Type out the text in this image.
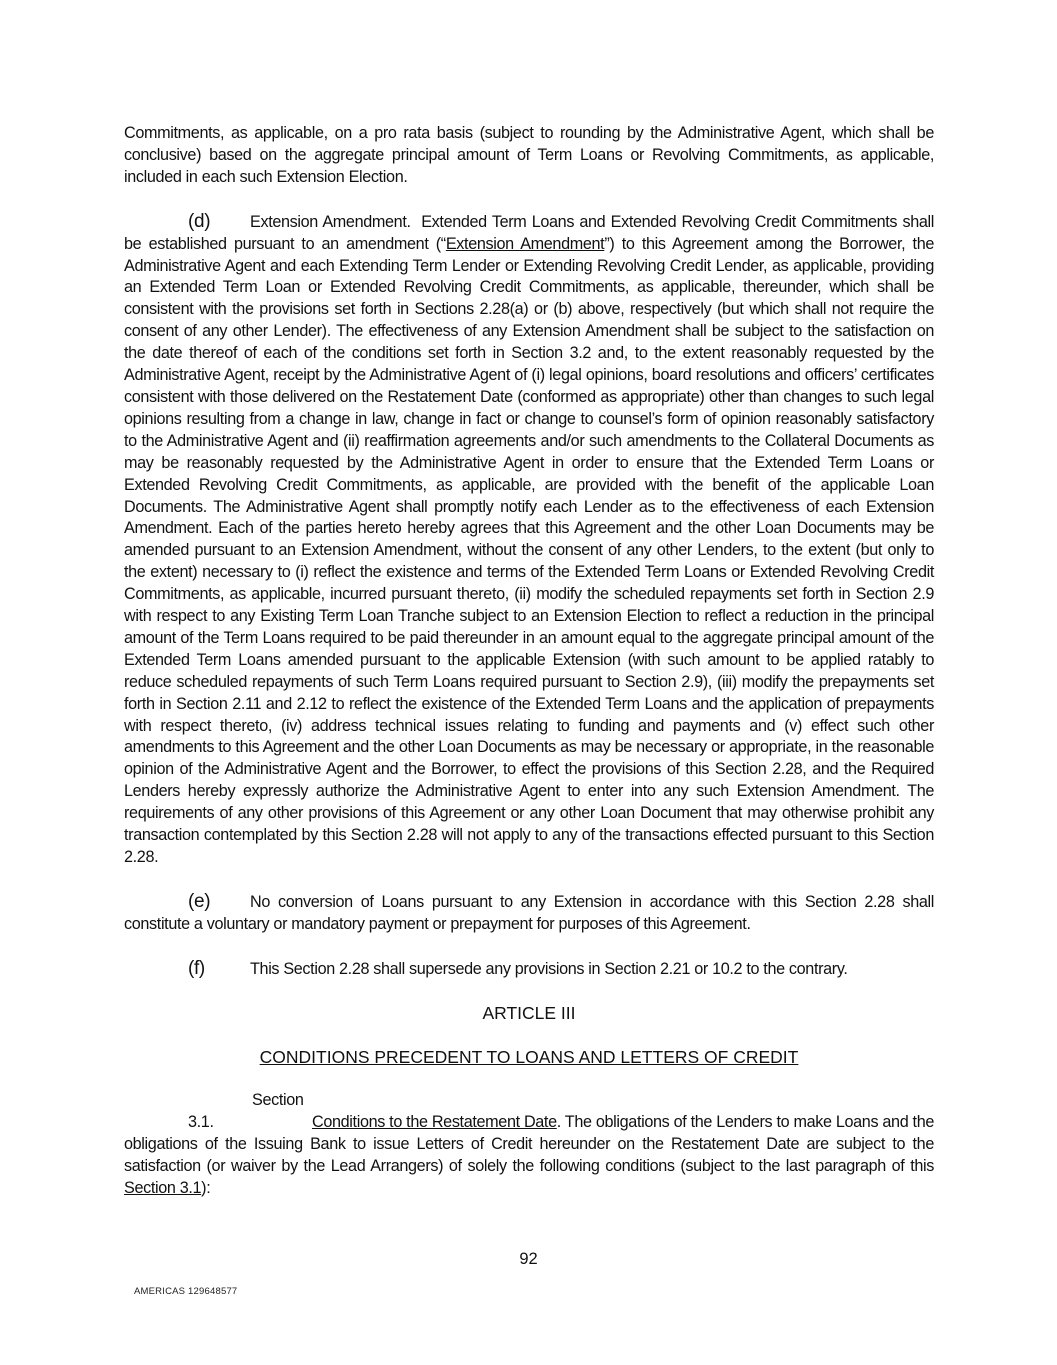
Commitments, as applicable, on a pro rata basis (subject to rounding by the Administrative Agent, which shall be conclusive) based on the aggregate principal amount of Term Loans or Revolving Commitments, as applicable, included in each such Extension Election.

(d) Extension Amendment. Extended Term Loans and Extended Revolving Credit Commitments shall be established pursuant to an amendment (“Extension Amendment”) to this Agreement among the Borrower, the Administrative Agent and each Extending Term Lender or Extending Revolving Credit Lender, as applicable, providing an Extended Term Loan or Extended Revolving Credit Commitments, as applicable, thereunder, which shall be consistent with the provisions set forth in Sections 2.28(a) or (b) above, respectively (but which shall not require the consent of any other Lender). The effectiveness of any Extension Amendment shall be subject to the satisfaction on the date thereof of each of the conditions set forth in Section 3.2 and, to the extent reasonably requested by the Administrative Agent, receipt by the Administrative Agent of (i) legal opinions, board resolutions and officers’ certificates consistent with those delivered on the Restatement Date (conformed as appropriate) other than changes to such legal opinions resulting from a change in law, change in fact or change to counsel’s form of opinion reasonably satisfactory to the Administrative Agent and (ii) reaffirmation agreements and/or such amendments to the Collateral Documents as may be reasonably requested by the Administrative Agent in order to ensure that the Extended Term Loans or Extended Revolving Credit Commitments, as applicable, are provided with the benefit of the applicable Loan Documents. The Administrative Agent shall promptly notify each Lender as to the effectiveness of each Extension Amendment. Each of the parties hereto hereby agrees that this Agreement and the other Loan Documents may be amended pursuant to an Extension Amendment, without the consent of any other Lenders, to the extent (but only to the extent) necessary to (i) reflect the existence and terms of the Extended Term Loans or Extended Revolving Credit Commitments, as applicable, incurred pursuant thereto, (ii) modify the scheduled repayments set forth in Section 2.9 with respect to any Existing Term Loan Tranche subject to an Extension Election to reflect a reduction in the principal amount of the Term Loans required to be paid thereunder in an amount equal to the aggregate principal amount of the Extended Term Loans amended pursuant to the applicable Extension (with such amount to be applied ratably to reduce scheduled repayments of such Term Loans required pursuant to Section 2.9), (iii) modify the prepayments set forth in Section 2.11 and 2.12 to reflect the existence of the Extended Term Loans and the application of prepayments with respect thereto, (iv) address technical issues relating to funding and payments and (v) effect such other amendments to this Agreement and the other Loan Documents as may be necessary or appropriate, in the reasonable opinion of the Administrative Agent and the Borrower, to effect the provisions of this Section 2.28, and the Required Lenders hereby expressly authorize the Administrative Agent to enter into any such Extension Amendment. The requirements of any other provisions of this Agreement or any other Loan Document that may otherwise prohibit any transaction contemplated by this Section 2.28 will not apply to any of the transactions effected pursuant to this Section 2.28.

(e) No conversion of Loans pursuant to any Extension in accordance with this Section 2.28 shall constitute a voluntary or mandatory payment or prepayment for purposes of this Agreement.

(f)	This Section 2.28 shall supersede any provisions in Section 2.21 or 10.2 to the contrary.

ARTICLE III

CONDITIONS PRECEDENT TO LOANS AND LETTERS OF CREDIT

Section 3.1.	Conditions to the Restatement Date. The obligations of the Lenders to make Loans and the obligations of the Issuing Bank to issue Letters of Credit hereunder on the Restatement Date are subject to the satisfaction (or waiver by the Lead Arrangers) of solely the following conditions (subject to the last paragraph of this Section 3.1):

92
AMERICAS 129648577
